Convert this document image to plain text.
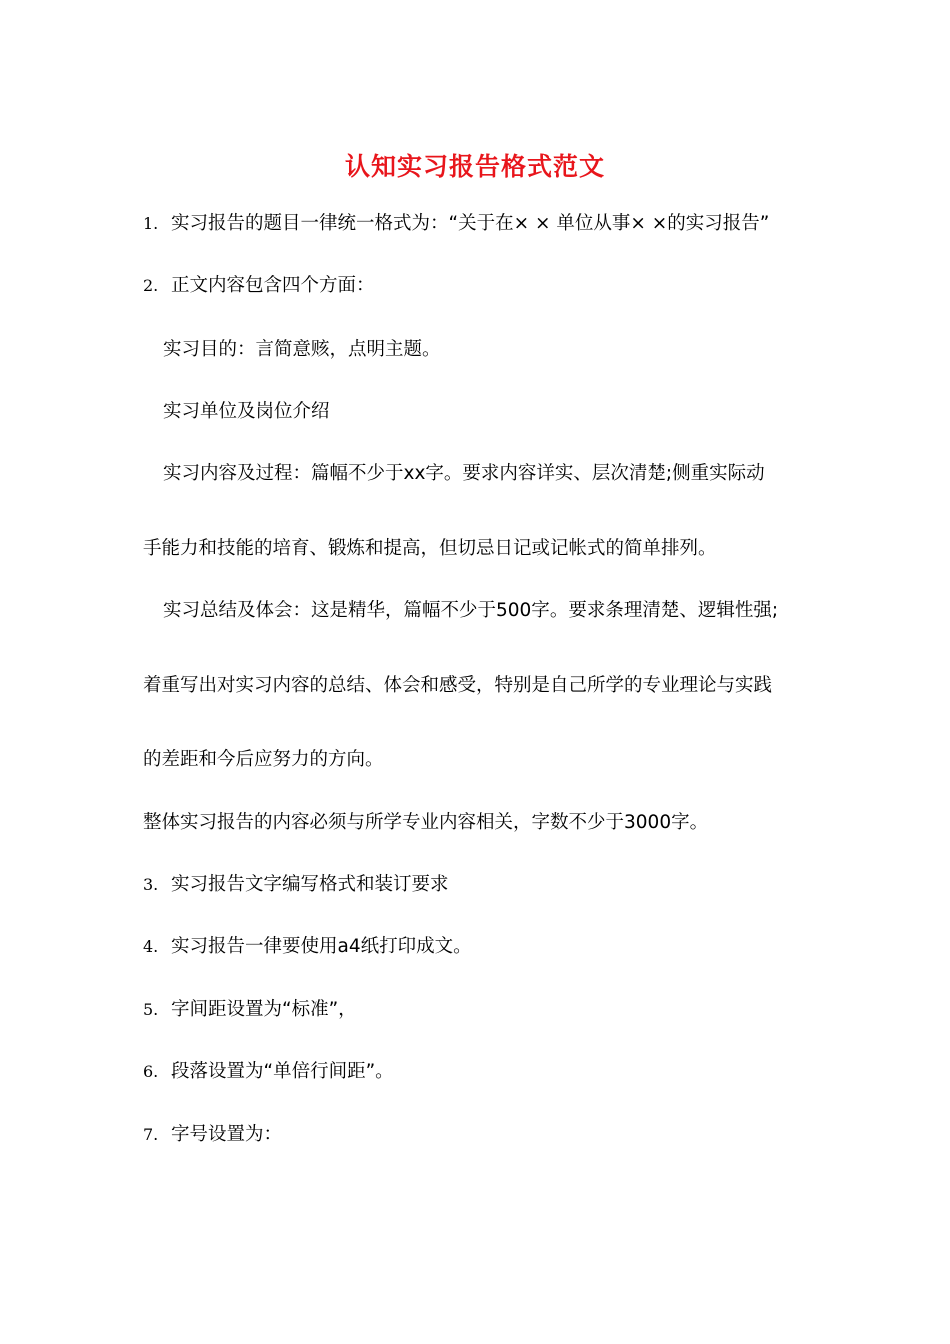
认知实习报告格式范文
1. 实习报告的题目一律统一格式为：“关于在× × 单位从事× ×的实习报告”
2. 正文内容包含四个方面：
实习目的：言简意赅，点明主题。
实习单位及岗位介绍
实习内容及过程：篇幅不少于xx字。要求内容详实、层次清楚;侧重实际动
手能力和技能的培育、锻炼和提高，但切忌日记或记帐式的简单排列。
实习总结及体会：这是精华，篇幅不少于500字。要求条理清楚、逻辑性强;
着重写出对实习内容的总结、体会和感受，特别是自己所学的专业理论与实践
的差距和今后应努力的方向。
整体实习报告的内容必须与所学专业内容相关，字数不少于3000字。
3. 实习报告文字编写格式和装订要求
4. 实习报告一律要使用a4纸打印成文。
5. 字间距设置为“标准”，
6. 段落设置为“单倍行间距”。
7. 字号设置为：
